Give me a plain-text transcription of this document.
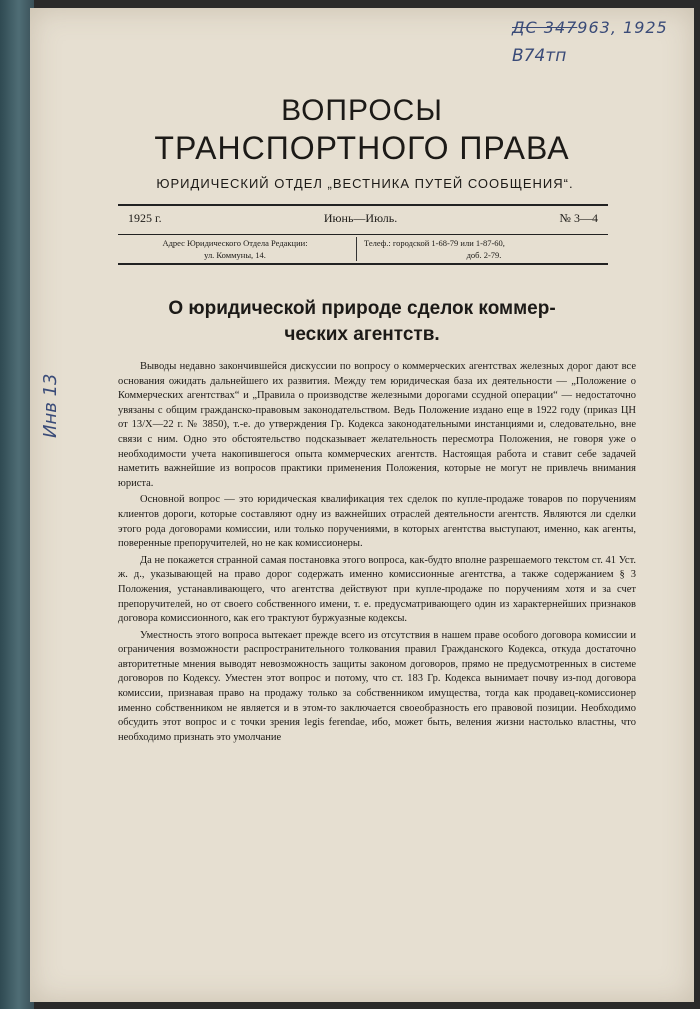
ДС 347963, 1925
В74тп
Инв 13
ВОПРОСЫ
ТРАНСПОРТНОГО ПРАВА
ЮРИДИЧЕСКИЙ ОТДЕЛ „ВЕСТНИКА ПУТЕЙ СООБЩЕНИЯ“.
1925 г.	Июнь—Июль.	№ 3—4
Адрес Юридического Отдела Редакции:
ул. Коммуны, 14.
Телеф.: городской 1-68-79 или 1-87-60,
доб. 2-79.
О юридической природе сделок коммер-
ческих агентств.

Выводы недавно закончившейся дискуссии по вопросу о коммерческих агентствах железных дорог дают все основания ожидать дальнейшего их развития. Между тем юридическая база их деятельности — „Положение о Коммерческих агентствах“ и „Правила о производстве железными дорогами ссудной операции“ — недостаточно увязаны с общим гражданско-правовым законодательством. Ведь Положение издано еще в 1922 году (приказ ЦН от 13/X—22 г. № 3850), т.-е. до утверждения Гр. Кодекса законодательными инстанциями и, следовательно, вне связи с ним. Одно это обстоятельство подсказывает желательность пересмотра Положения, не говоря уже о необходимости учета накопившегося опыта коммерческих агентств. Настоящая работа и ставит себе задачей наметить важнейшие из вопросов практики применения Положения, которые не могут не привлечь внимания юриста.

Основной вопрос — это юридическая квалификация тех сделок по купле-продаже товаров по поручениям клиентов дороги, которые составляют одну из важнейших отраслей деятельности агентств. Являются ли сделки этого рода договорами комиссии, или только поручениями, в которых агентства выступают, именно, как агенты, поверенные препоручителей, но не как комиссионеры.

Да не покажется странной самая постановка этого вопроса, как-будто вполне разрешаемого текстом ст. 41 Уст. ж. д., указывающей на право дорог содержать именно комиссионные агентства, а также содержанием § 3 Положения, устанавливающего, что агентства действуют при купле-продаже по поручениям хотя и за счет препоручителей, но от своего собственного имени, т. е. предусматривающего один из характернейших признаков договора комиссионного, как его трактуют буржуазные кодексы.

Уместность этого вопроса вытекает прежде всего из отсутствия в нашем праве особого договора комиссии и ограничения возможности распространительного толкования правил Гражданского Кодекса, откуда достаточно авторитетные мнения выводят невозможность защиты законом договоров, прямо не предусмотренных в системе договоров по Кодексу. Уместен этот вопрос и потому, что ст. 183 Гр. Кодекса вынимает почву из-под договора комиссии, признавая право на продажу только за собственником имущества, тогда как продавец-комиссионер именно собственником не является и в этом-то заключается своеобразность его правовой позиции. Необходимо обсудить этот вопрос и с точки зрения legis ferendae, ибо, может быть, веления жизни настолько властны, что необходимо признать это умолчание
